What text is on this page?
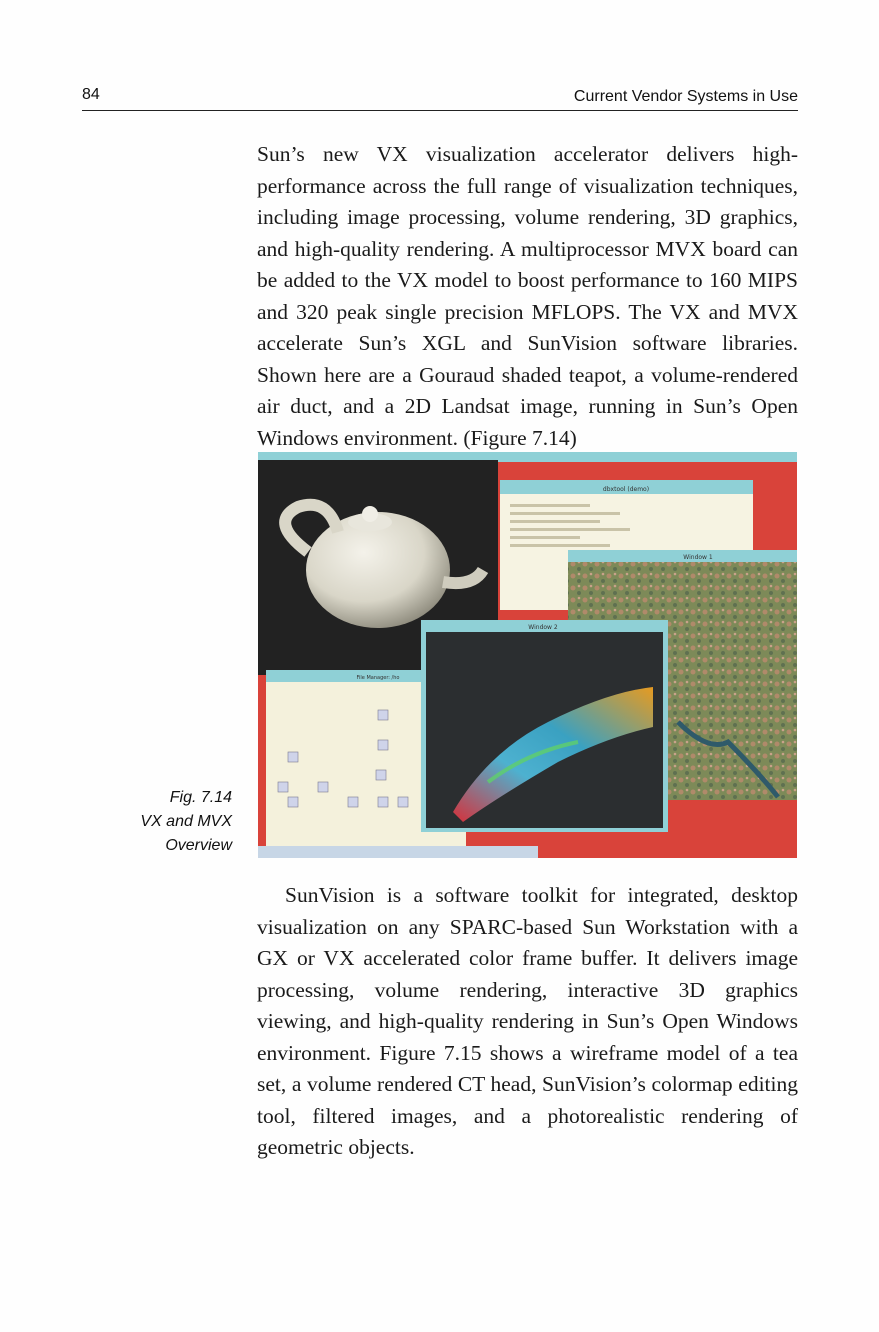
84	Current Vendor Systems in Use

Sun’s new VX visualization accelerator delivers high-performance across the full range of visualization techniques, including image processing, volume rendering, 3D graphics, and high-quality rendering. A multiprocessor MVX board can be added to the VX model to boost performance to 160 MIPS and 320 peak single precision MFLOPS. The VX and MVX accelerate Sun’s XGL and SunVision software libraries. Shown here are a Gouraud shaded teapot, a volume-rendered air duct, and a 2D Landsat image, running in Sun’s Open Windows environment. (Figure 7.14)

dbxtool (demo)
Window 1
File Manager: /ho
Window 2
Fig. 7.14
VX and MVX
Overview

SunVision is a software toolkit for integrated, desktop visualization on any SPARC-based Sun Workstation with a GX or VX accelerated color frame buffer. It delivers image processing, volume rendering, interactive 3D graphics viewing, and high-quality rendering in Sun’s Open Windows environment. Figure 7.15 shows a wireframe model of a tea set, a volume rendered CT head, SunVision’s colormap editing tool, filtered images, and a photorealistic rendering of geometric objects.
